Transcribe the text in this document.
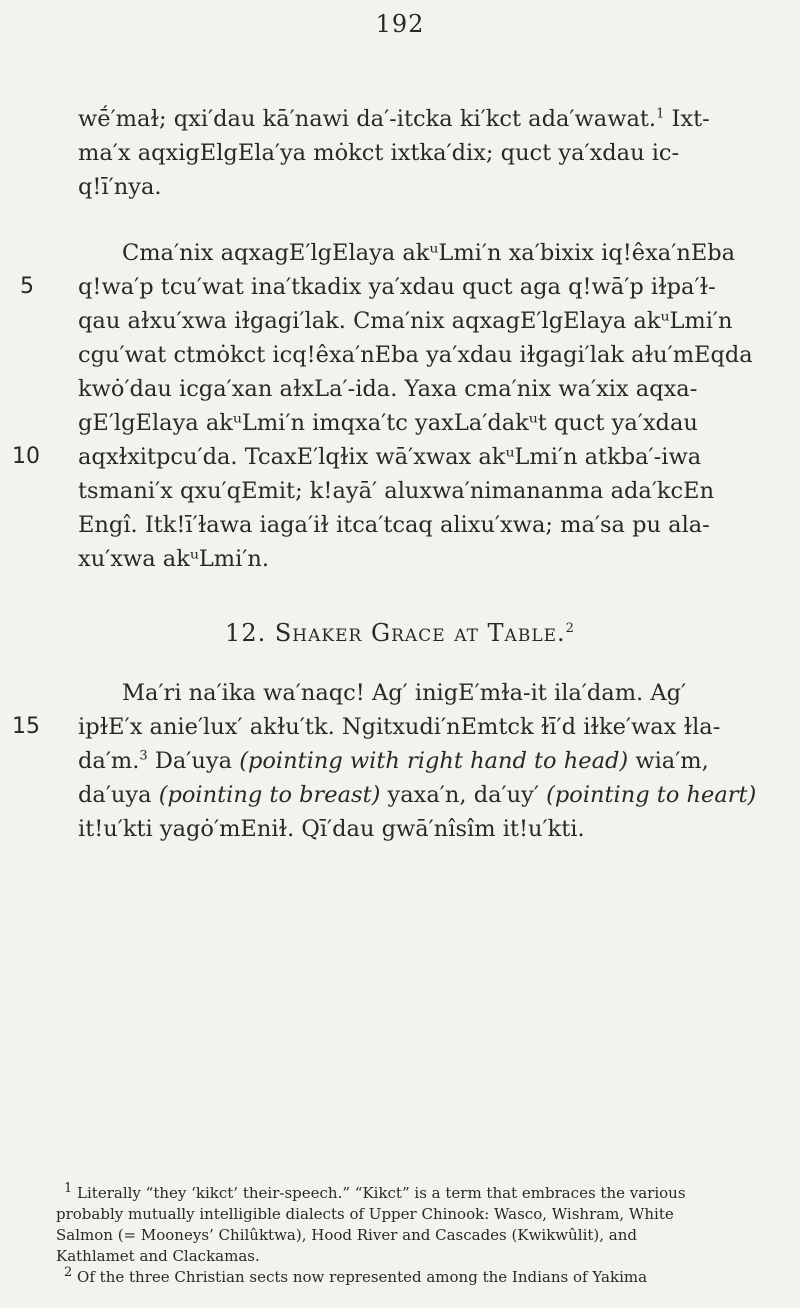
192
wḗ′maɫ; qxi′dau kā′nawi da′-itcka ki′kct ada′wawat.$^1$ Ixt-
ma′x aqxigElgEla′ya mȯkct ixtka′dix; quct ya′xdau ic-
q!ī′nya.
Cma′nix aqxagE′lgElaya akᵘLmi′n xa′bixix iq!êxa′nEba
5 q!wa′p tcu′wat ina′tkadix ya′xdau quct aga q!wā′p iɫpa′ɫ-
qau aɫxu′xwa iɫgagi′lak. Cma′nix aqxagE′lgElaya akᵘLmi′n
cgu′wat ctmȯkct icq!êxa′nEba ya′xdau iɫgagi′lak aɫu′mEqda
kwȯ′dau icga′xan aɫxLa′-ida. Yaxa cma′nix wa′xix aqxa-
gE′lgElaya akᵘLmi′n imqxa′tc yaxLa′dakᵘt quct ya′xdau
10 aqxɫxitpcu′da. TcaxE′lqɫix wā′xwax akᵘLmi′n atkba′-iwa
tsmani′x qxu′qEmit; k!ayā′ aluxwa′nimananma ada′kcEn
Engî. Itk!ī′ɫawa iaga′iɫ itca′tcaq alixu′xwa; ma′sa pu ala-
xu′xwa akᵘLmi′n.
12. Shaker Grace at Table.$^2$
Ma′ri na′ika wa′naqc! Ag′ inigE′mɫa-it ila′dam. Ag′
15 ipɫE′x anie′lux′ akɫu′tk. Ngitxudi′nEmtck ɫī′d iɫke′wax ɫla-
da′m.$^3$ Da′uya (pointing with right hand to head) wia′m,
da′uya (pointing to breast) yaxa′n, da′uy′ (pointing to heart)
it!u′kti yagȯ′mEniɫ. Qī′dau gwā′nîsîm it!u′kti.
$^1$ Literally “they ‘kikct’ their-speech.” “Kikct” is a term that embraces the various
probably mutually intelligible dialects of Upper Chinook: Wasco, Wishram, White
Salmon (= Mooneys’ Chilûktwa), Hood River and Cascades (Kwikwûlit), and
Kathlamet and Clackamas.
$^2$ Of the three Christian sects now represented among the Indians of Yakima
